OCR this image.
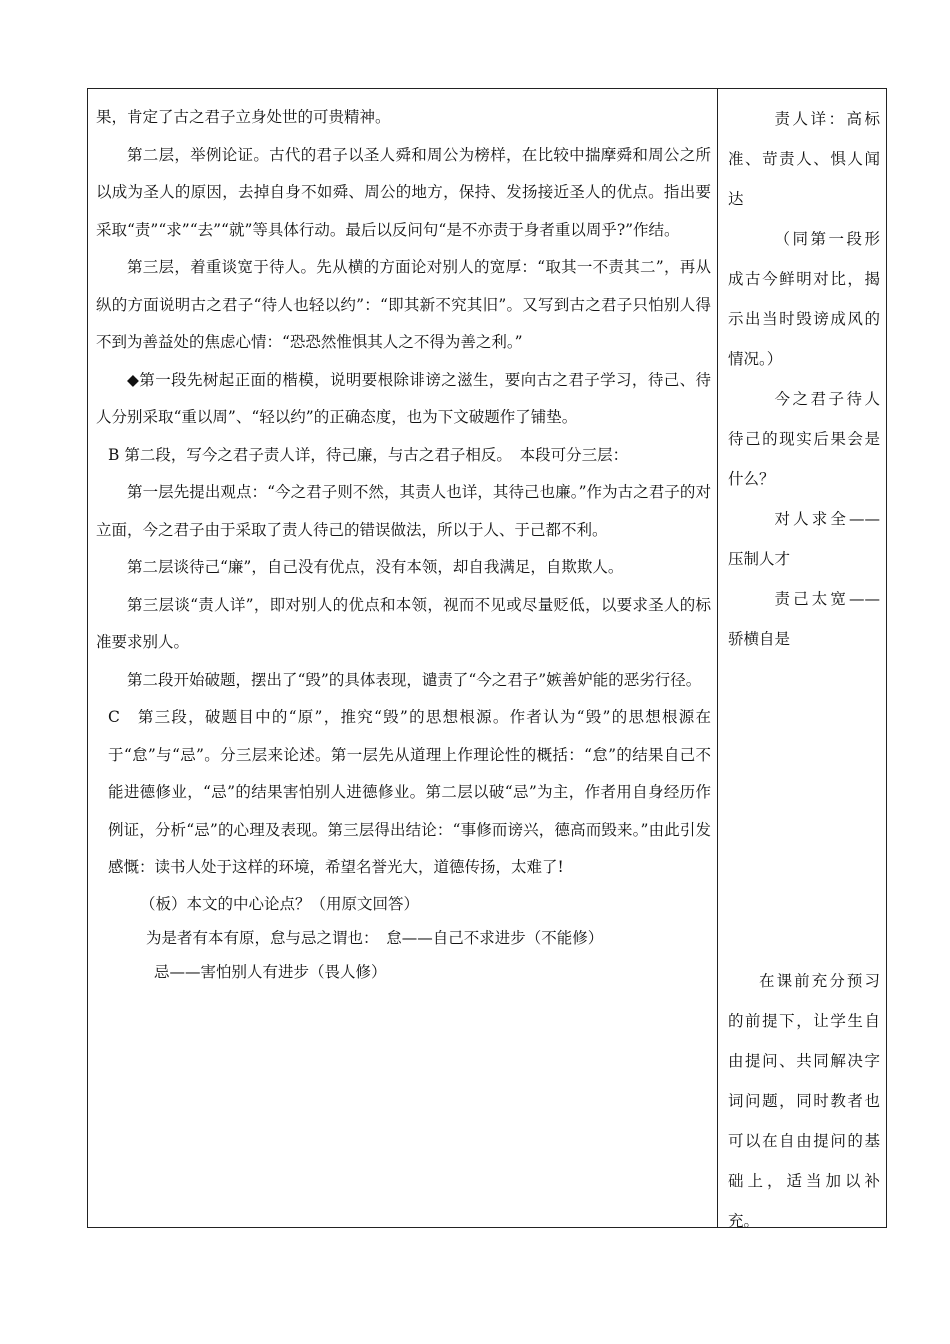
果，肯定了古之君子立身处世的可贵精神。

第二层，举例论证。古代的君子以圣人舜和周公为榜样，在比较中揣摩舜和周公之所以成为圣人的原因，去掉自身不如舜、周公的地方，保持、发扬接近圣人的优点。指出要采取“责”“求”“去”“就”等具体行动。最后以反问句“是不亦责于身者重以周乎?”作结。

第三层，着重谈宽于待人。先从横的方面论对别人的宽厚：“取其一不责其二”，再从纵的方面说明古之君子“待人也轻以约”：“即其新不究其旧”。又写到古之君子只怕别人得不到为善益处的焦虑心情：“恐恐然惟惧其人之不得为善之利。”

◆第一段先树起正面的楷模，说明要根除诽谤之滋生，要向古之君子学习，待己、待人分别采取“重以周”、“轻以约”的正确态度，也为下文破题作了铺垫。

B 第二段，写今之君子责人详，待己廉，与古之君子相反。　本段可分三层：

第一层先提出观点：“今之君子则不然，其责人也详，其待己也廉。”作为古之君子的对立面，今之君子由于采取了责人待己的错误做法，所以于人、于己都不利。

第二层谈待己“廉”，自己没有优点，没有本领，却自我满足，自欺欺人。

第三层谈“责人详”，即对别人的优点和本领，视而不见或尽量贬低，以要求圣人的标准要求别人。

第二段开始破题，摆出了“毁”的具体表现，谴责了“今之君子”嫉善妒能的恶劣行径。

C　第三段，破题目中的“原”，推究“毁”的思想根源。作者认为“毁”的思想根源在于“怠”与“忌”。分三层来论述。第一层先从道理上作理论性的概括：“怠”的结果自己不能进德修业，“忌”的结果害怕别人进德修业。第二层以破“忌”为主，作者用自身经历作例证，分析“忌”的心理及表现。第三层得出结论：“事修而谤兴，德高而毁来。”由此引发感慨：读书人处于这样的环境，希望名誉光大，道德传扬，太难了!

（板）本文的中心论点？（用原文回答）

为是者有本有原，怠与忌之谓也：　怠——自己不求进步（不能修）

忌——害怕别人有进步（畏人修）

责人详：高标准、苛责人、惧人闻达

（同第一段形成古今鲜明对比，揭示出当时毁谤成风的情况。）

今之君子待人待己的现实后果会是什么？

对人求全——压制人才

责己太宽——骄横自是

在课前充分预习的前提下，让学生自由提问、共同解决字词问题，同时教者也可以在自由提问的基础上，适当加以补充。
